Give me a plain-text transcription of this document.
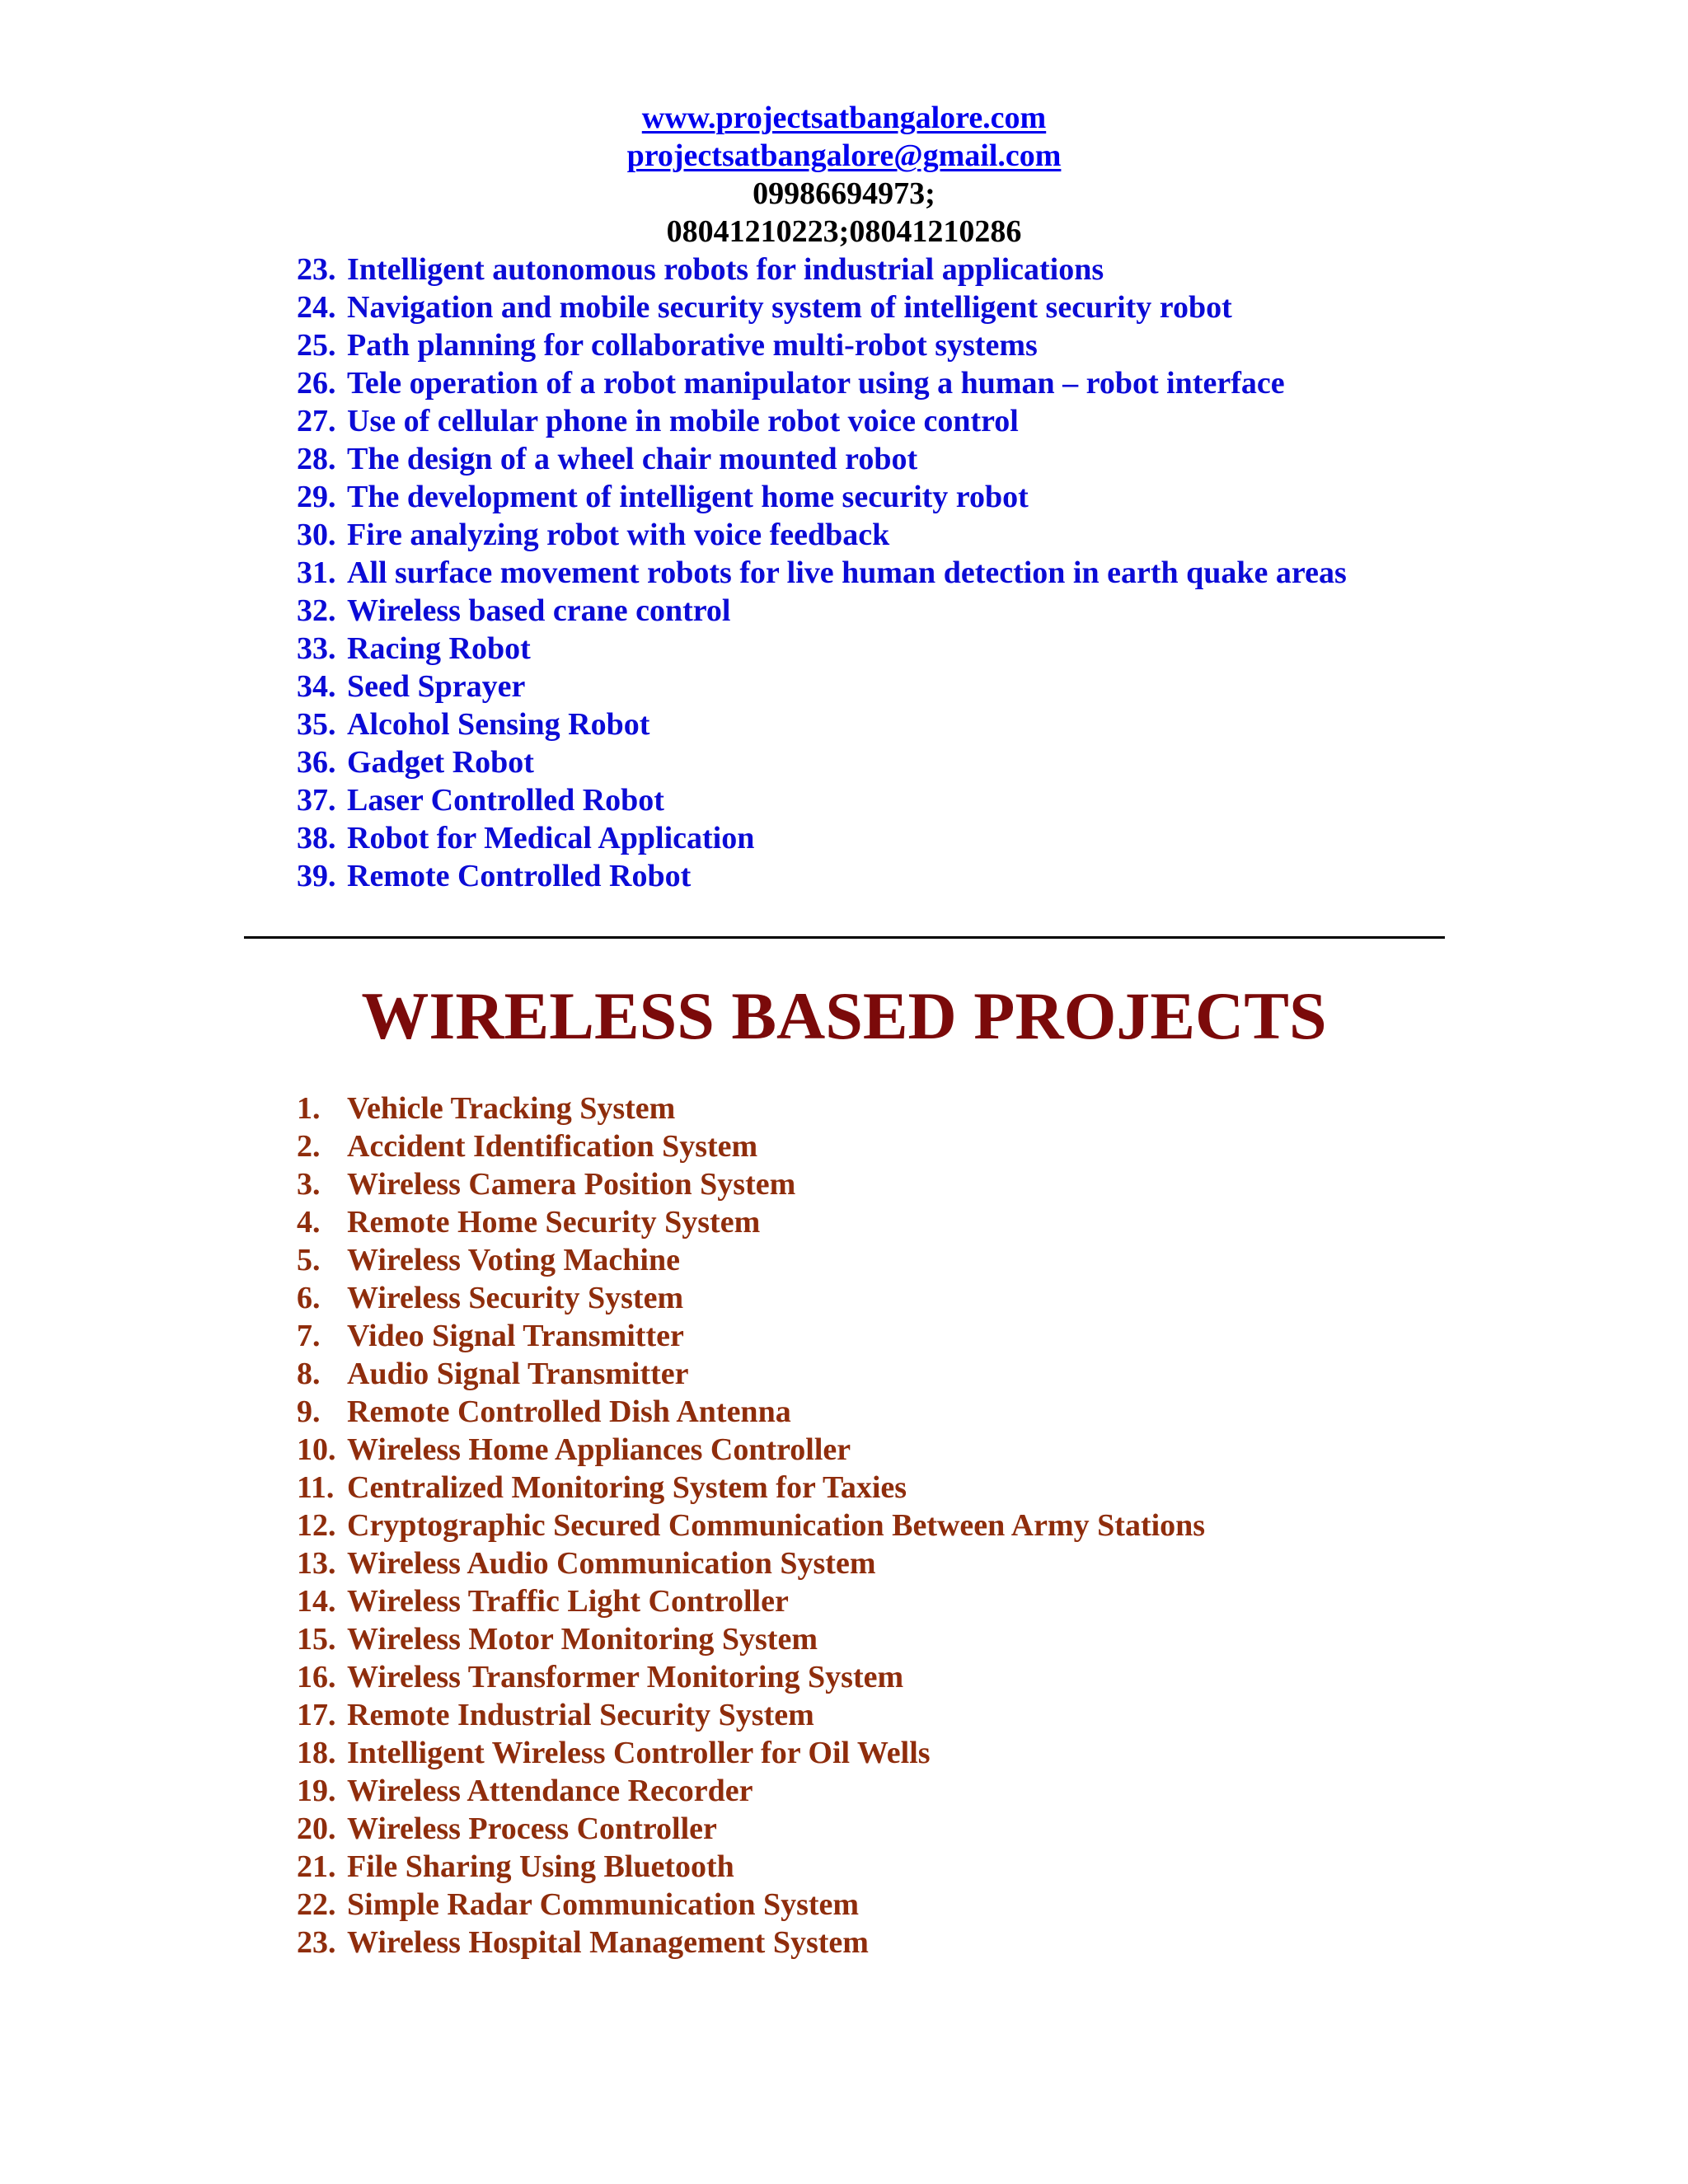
www.projectsatbangalore.com
projectsatbangalore@gmail.com
09986694973;
08041210223;08041210286
23. Intelligent autonomous robots for industrial applications
24. Navigation and mobile security system of intelligent security robot
25. Path planning for collaborative multi-robot systems
26. Tele operation of a robot manipulator using a human – robot interface
27. Use of cellular phone in mobile robot voice control
28. The design of a wheel chair mounted robot
29. The development of intelligent home security robot
30. Fire analyzing robot with voice feedback
31. All surface movement robots for live human detection in earth quake areas
32. Wireless based crane control
33. Racing Robot
34. Seed Sprayer
35. Alcohol Sensing Robot
36. Gadget Robot
37. Laser Controlled Robot
38. Robot for Medical Application
39. Remote Controlled Robot
WIRELESS BASED PROJECTS
1. Vehicle Tracking System
2. Accident Identification System
3. Wireless Camera Position System
4. Remote Home Security System
5. Wireless Voting Machine
6. Wireless Security System
7. Video Signal Transmitter
8. Audio Signal Transmitter
9. Remote Controlled Dish Antenna
10. Wireless Home Appliances Controller
11. Centralized Monitoring System for Taxies
12. Cryptographic Secured Communication Between Army Stations
13. Wireless Audio Communication System
14. Wireless Traffic Light Controller
15. Wireless Motor Monitoring System
16. Wireless Transformer Monitoring System
17. Remote Industrial Security System
18. Intelligent Wireless Controller for Oil Wells
19. Wireless Attendance Recorder
20. Wireless Process Controller
21. File Sharing Using Bluetooth
22. Simple Radar Communication System
23. Wireless Hospital Management System
